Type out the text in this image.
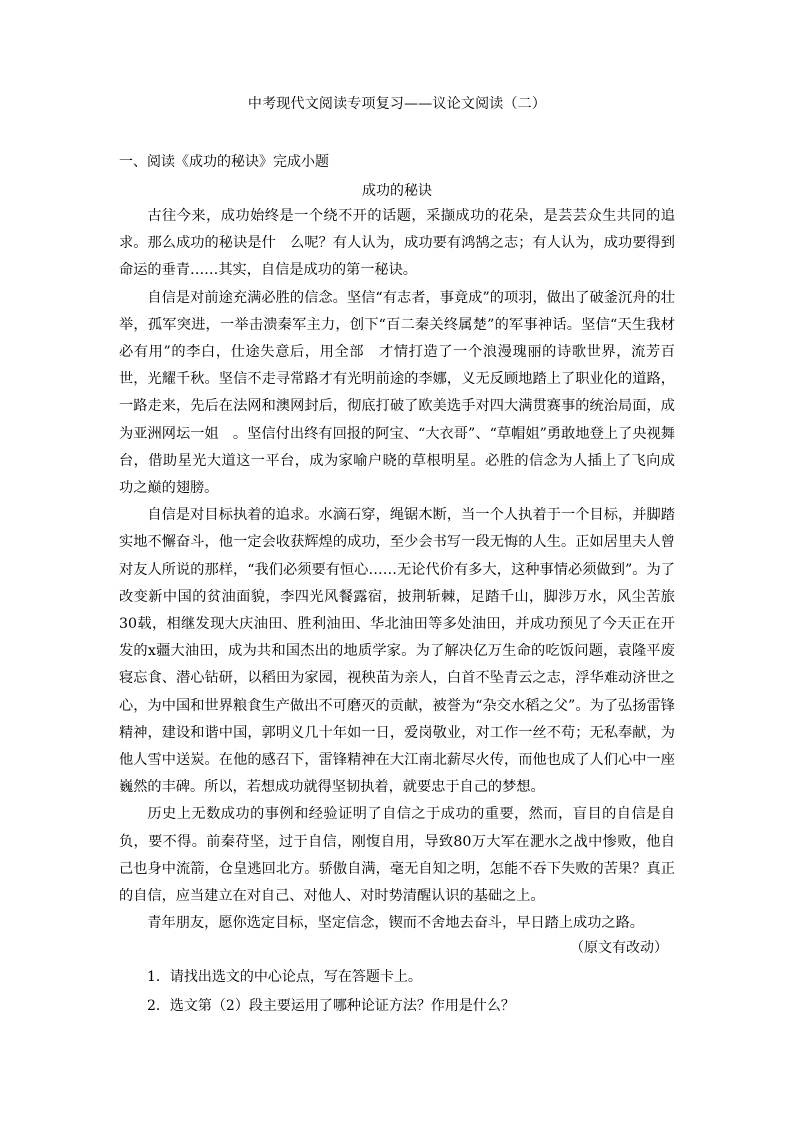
中考现代文阅读专项复习——议论文阅读（二）
一、阅读《成功的秘诀》完成小题
成功的秘诀

古往今来，成功始终是一个绕不开的话题，采撷成功的花朵，是芸芸众生共同的追求。那么成功的秘诀是什　么呢？有人认为，成功要有鸿鹄之志；有人认为，成功要得到命运的垂青……其实，自信是成功的第一秘诀。

自信是对前途充满必胜的信念。坚信“有志者，事竟成”的项羽，做出了破釜沉舟的壮举，孤军突进，一举击溃秦军主力，创下“百二秦关终属楚”的军事神话。坚信“天生我材必有用”的李白，仕途失意后，用全部　才情打造了一个浪漫瑰丽的诗歌世界，流芳百世，光耀千秋。坚信不走寻常路才有光明前途的李娜，义无反顾地踏上了职业化的道路，一路走来，先后在法网和澳网封后，彻底打破了欧美选手对四大满贯赛事的统治局面，成为亚洲网坛一姐　。坚信付出终有回报的阿宝、“大衣哥”、“草帽姐”勇敢地登上了央视舞台，借助星光大道这一平台，成为家喻户晓的草根明星。必胜的信念为人插上了飞向成　功之巅的翅膀。

自信是对目标执着的追求。水滴石穿，绳锯木断，当一个人执着于一个目标，并脚踏实地不懈奋斗，他一定会收获辉煌的成功，至少会书写一段无悔的人生。正如居里夫人曾对友人所说的那样，“我们必须要有恒心……无论代价有多大，这种事情必须做到”。为了改变新中国的贫油面貌，李四光风餐露宿，披荆斩棘，足踏千山，脚涉万水，风尘苦旅30载，相继发现大庆油田、胜利油田、华北油田等多处油田，并成功预见了今天正在开发的x疆大油田，成为共和国杰出的地质学家。为了解决亿万生命的吃饭问题，袁隆平废寝忘食、潜心钻研，以稻田为家园，视秧苗为亲人，白首不坠青云之志，浮华难动济世之心，为中国和世界粮食生产做出不可磨灭的贡献，被誉为“杂交水稻之父”。为了弘扬雷锋精神，建设和谐中国，郭明义几十年如一日，爱岗敬业，对工作一丝不苟；无私奉献，为他人雪中送炭。在他的感召下，雷锋精神在大江南北薪尽火传，而他也成了人们心中一座巍然的丰碑。所以，若想成功就得坚韧执着，就要忠于自己的梦想。

历史上无数成功的事例和经验证明了自信之于成功的重要，然而，盲目的自信是自负，要不得。前秦苻坚，过于自信，刚愎自用，导致80万大军在淝水之战中惨败，他自己也身中流箭，仓皇逃回北方。骄傲自满，毫无自知之明，怎能不吞下失败的苦果？真正的自信，应当建立在对自己、对他人、对时势清醒认识的基础之上。

青年朋友，愿你选定目标，坚定信念，锲而不舍地去奋斗，早日踏上成功之路。

（原文有改动）
1．请找出选文的中心论点，写在答题卡上。
2．选文第（2）段主要运用了哪种论证方法？作用是什么？
